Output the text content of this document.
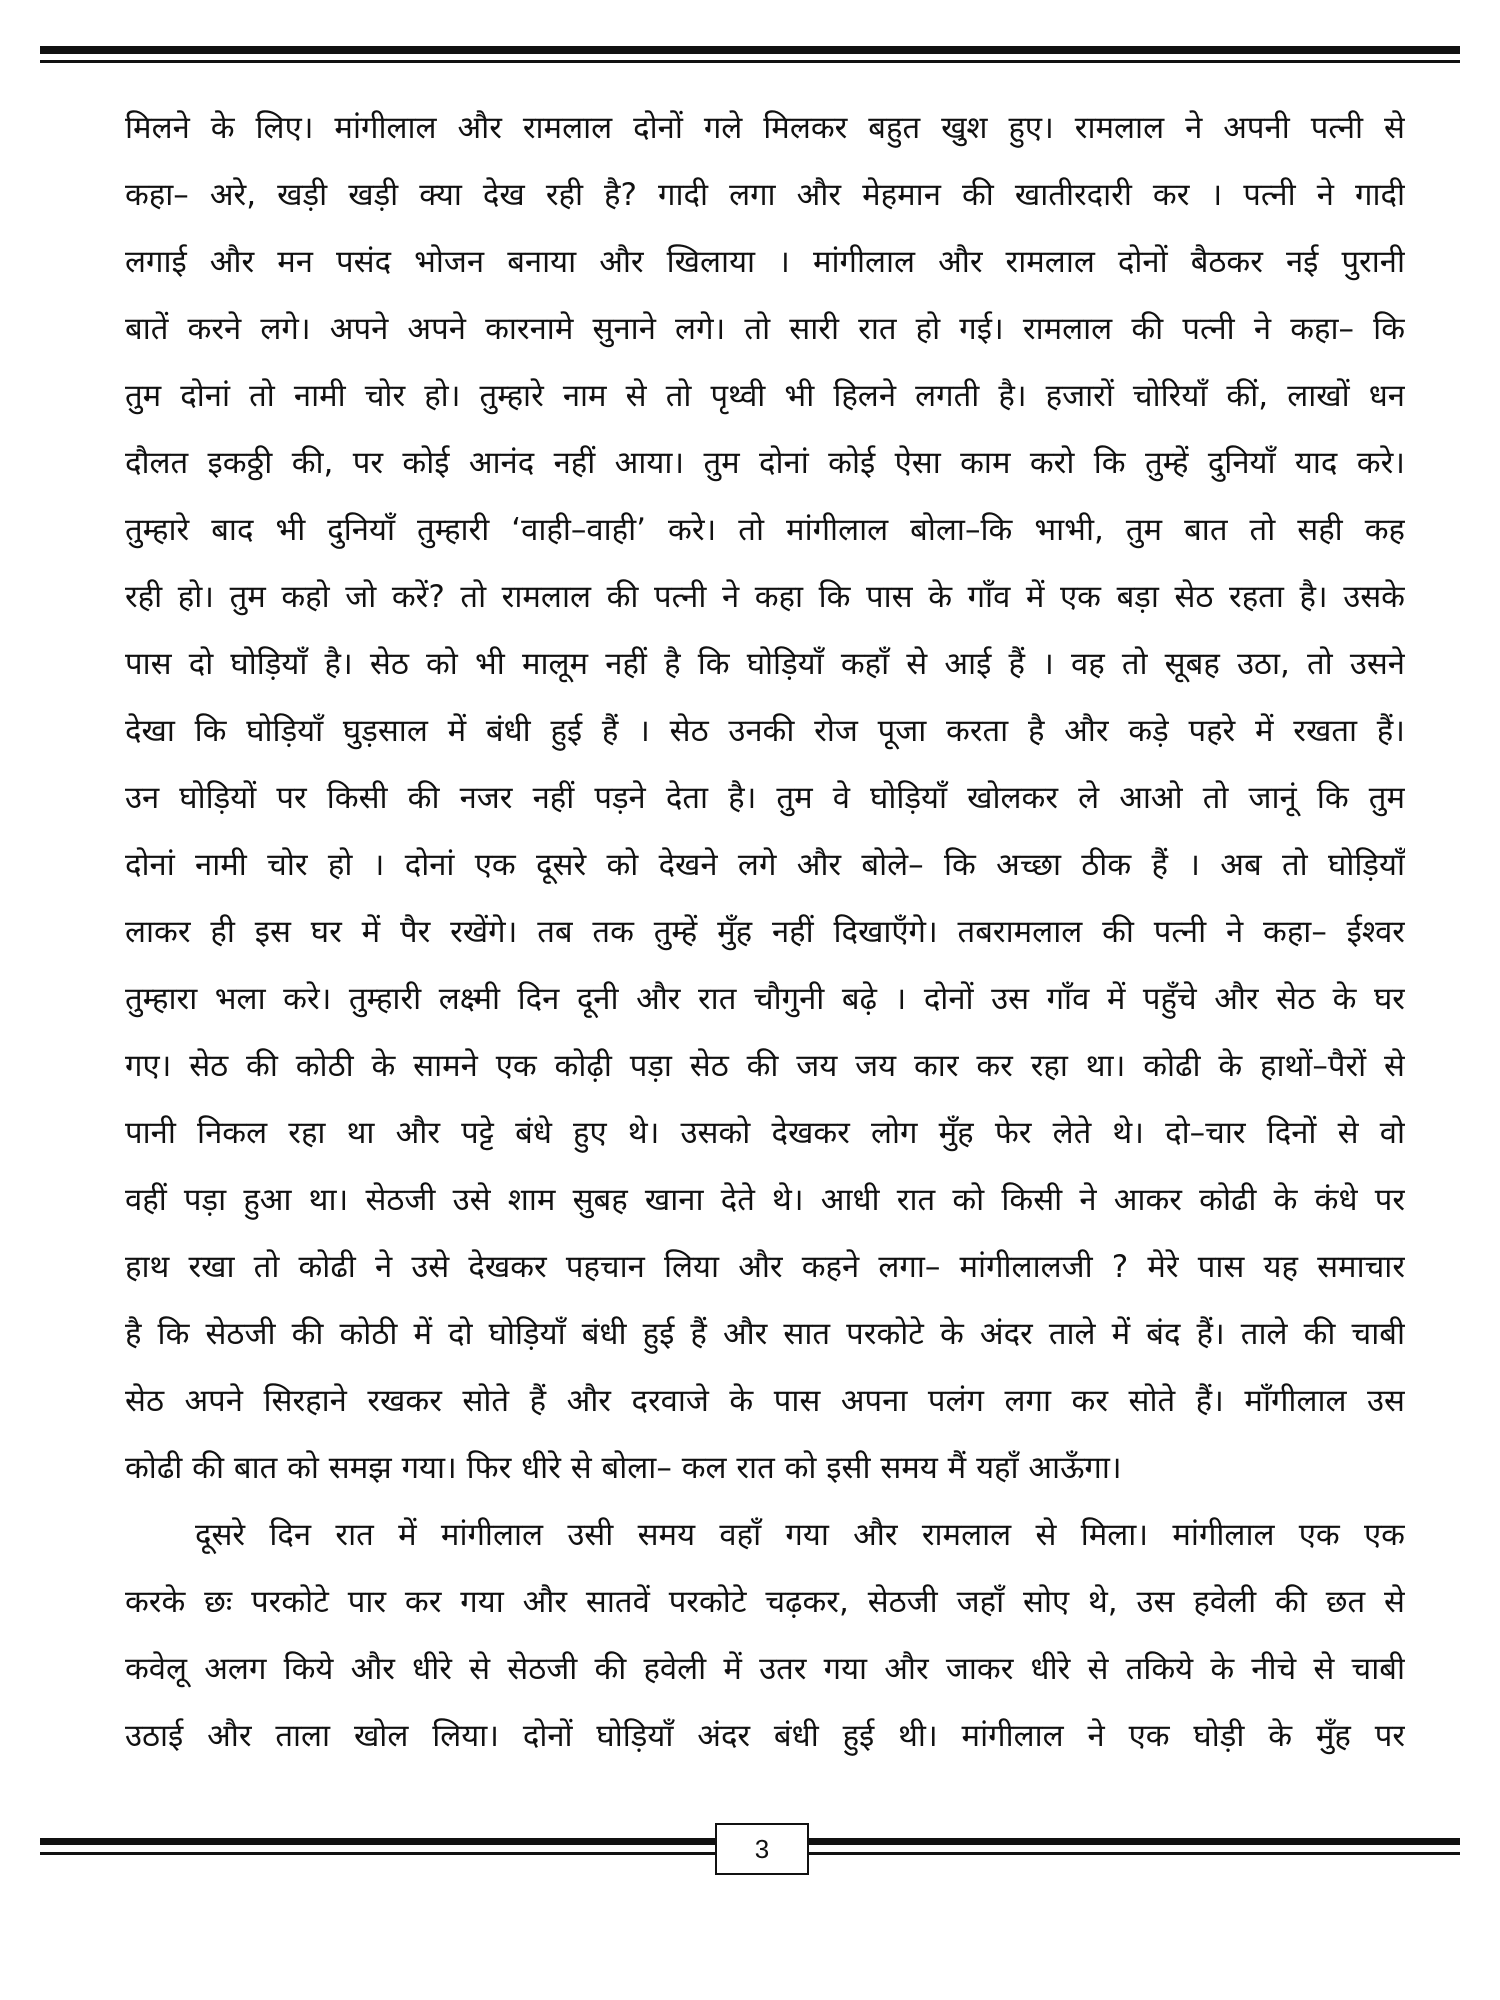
मिलने के लिए। मांगीलाल और रामलाल दोनों गले मिलकर बहुत खुश हुए। रामलाल ने अपनी पत्नी से
कहा– अरे, खड़ी खड़ी क्या देख रही है? गादी लगा और मेहमान की खातीरदारी कर । पत्नी ने गादी
लगाई और मन पसंद भोजन बनाया और खिलाया । मांगीलाल और रामलाल दोनों बैठकर नई पुरानी
बातें करने लगे। अपने अपने कारनामे सुनाने लगे। तो सारी रात हो गई। रामलाल की पत्नी ने कहा– कि
तुम दोनां तो नामी चोर हो। तुम्हारे नाम से तो पृथ्वी भी हिलने लगती है। हजारों चोरियाँ कीं, लाखों धन
दौलत इकठ्ठी की, पर कोई आनंद नहीं आया। तुम दोनां कोई ऐसा काम करो कि तुम्हें दुनियाँ याद करे।
तुम्हारे बाद भी दुनियाँ तुम्हारी ‘वाही–वाही’ करे। तो मांगीलाल बोला–कि भाभी, तुम बात तो सही कह
रही हो। तुम कहो जो करें? तो रामलाल की पत्नी ने कहा कि पास के गाँव में एक बड़ा सेठ रहता है। उसके
पास दो घोड़ियाँ है। सेठ को भी मालूम नहीं है कि घोड़ियाँ कहाँ से आई हैं । वह तो सूबह उठा, तो उसने
देखा कि घोड़ियाँ घुड़साल में बंधी हुई हैं । सेठ उनकी रोज पूजा करता है और कड़े पहरे में रखता हैं।
उन घोड़ियों पर किसी की नजर नहीं पड़ने देता है। तुम वे घोड़ियाँ खोलकर ले आओ तो जानूं कि तुम
दोनां नामी चोर हो । दोनां एक दूसरे को देखने लगे और बोले– कि अच्छा ठीक हैं । अब तो घोड़ियाँ
लाकर ही इस घर में पैर रखेंगे। तब तक तुम्हें मुँह नहीं दिखाएँगे। तबरामलाल की पत्नी ने कहा– ईश्वर
तुम्हारा भला करे। तुम्हारी लक्ष्मी दिन दूनी और रात चौगुनी बढ़े । दोनों उस गाँव में पहुँचे और सेठ के घर
गए। सेठ की कोठी के सामने एक कोढ़ी पड़ा सेठ की जय जय कार कर रहा था। कोढी के हाथों–पैरों से
पानी निकल रहा था और पट्टे बंधे हुए थे। उसको देखकर लोग मुँह फेर लेते थे। दो–चार दिनों से वो
वहीं पड़ा हुआ था। सेठजी उसे शाम सुबह खाना देते थे। आधी रात को किसी ने आकर कोढी के कंधे पर
हाथ रखा तो कोढी ने उसे देखकर पहचान लिया और कहने लगा– मांगीलालजी ? मेरे पास यह समाचार
है कि सेठजी की कोठी में दो घोड़ियाँ बंधी हुई हैं और सात परकोटे के अंदर ताले में बंद हैं। ताले की चाबी
सेठ अपने सिरहाने रखकर सोते हैं और दरवाजे के पास अपना पलंग लगा कर सोते हैं। माँगीलाल उस
कोढी की बात को समझ गया। फिर धीरे से बोला– कल रात को इसी समय मैं यहाँ आऊँगा।
दूसरे दिन रात में मांगीलाल उसी समय वहाँ गया और रामलाल से मिला। मांगीलाल एक एक
करके छः परकोटे पार कर गया और सातवें परकोटे चढ़कर, सेठजी जहाँ सोए थे, उस हवेली की छत से
कवेलू अलग किये और धीरे से सेठजी की हवेली में उतर गया और जाकर धीरे से तकिये के नीचे से चाबी
उठाई और ताला खोल लिया। दोनों घोड़ियाँ अंदर बंधी हुई थी। मांगीलाल ने एक घोड़ी के मुँह पर
3
